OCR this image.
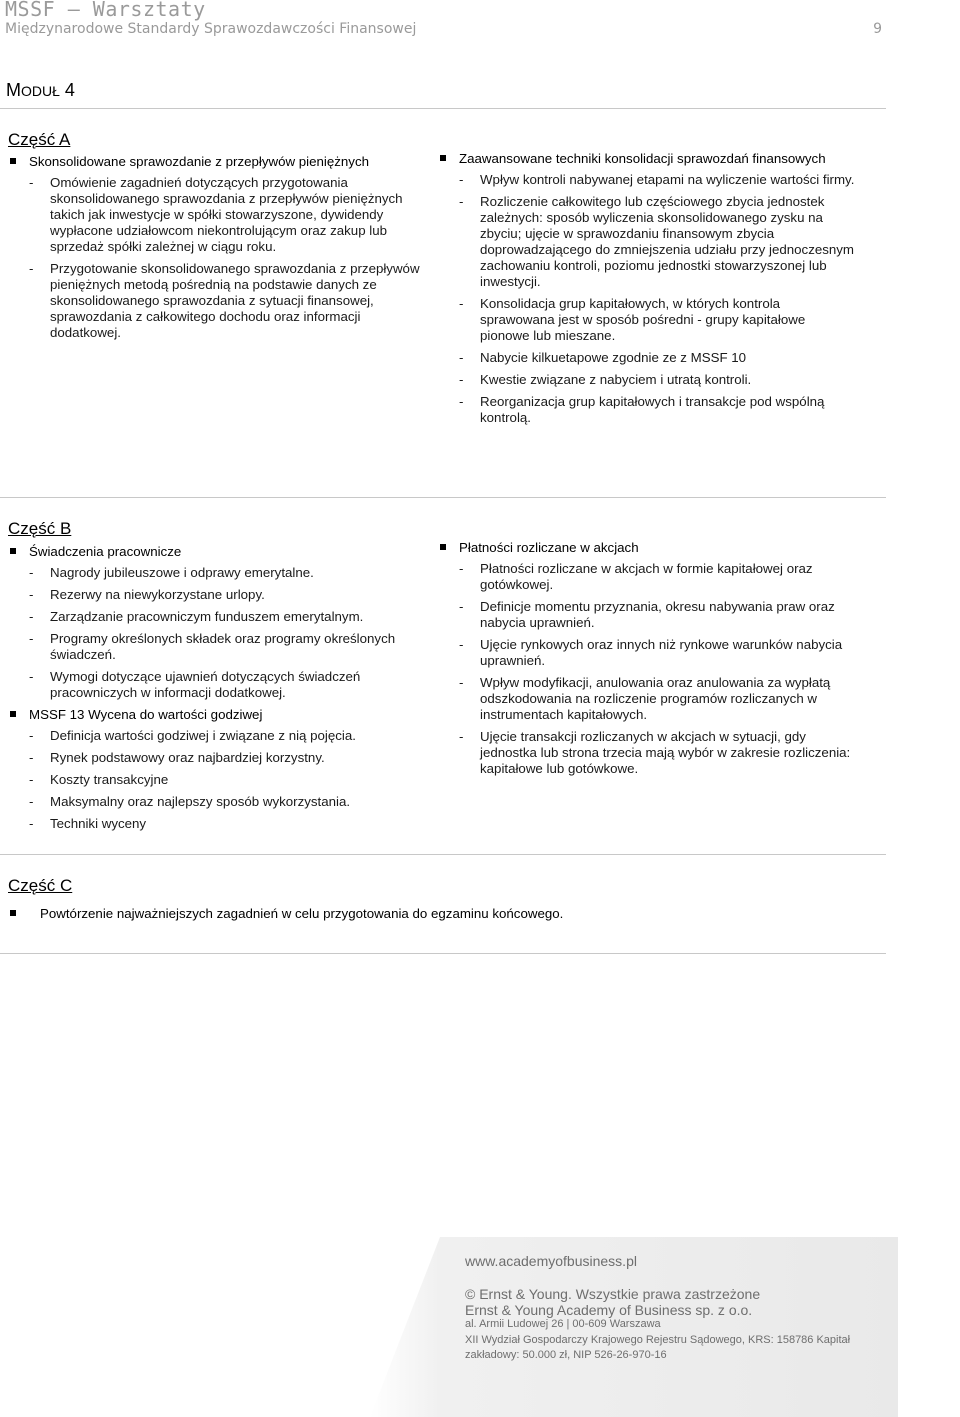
MSSF – Warsztaty
Międzynarodowe Standardy Sprawozdawczości Finansowej	9
MODUŁ 4
Część A
Skonsolidowane sprawozdanie z przepływów pieniężnych
- Omówienie zagadnień dotyczących przygotowania skonsolidowanego sprawozdania z przepływów pieniężnych takich jak inwestycje w spółki stowarzyszone, dywidendy wypłacone udziałowcom niekontrolującym oraz zakup lub sprzedaż spółki zależnej w ciągu roku.
- Przygotowanie skonsolidowanego sprawozdania z przepływów pieniężnych metodą pośrednią na podstawie danych ze skonsolidowanego sprawozdania z sytuacji finansowej, sprawozdania z całkowitego dochodu oraz informacji dodatkowej.
Zaawansowane techniki konsolidacji sprawozdań finansowych
- Wpływ kontroli nabywanej etapami na wyliczenie wartości firmy.
- Rozliczenie całkowitego lub częściowego zbycia jednostek zależnych: sposób wyliczenia skonsolidowanego zysku na zbyciu; ujęcie w sprawozdaniu finansowym zbycia doprowadzającego do zmniejszenia udziału przy jednoczesnym zachowaniu kontroli, poziomu jednostki stowarzyszonej lub inwestycji.
- Konsolidacja grup kapitałowych, w których kontrola sprawowana jest w sposób pośredni - grupy kapitałowe pionowe lub mieszane.
- Nabycie kilkuetapowe zgodnie ze z MSSF 10
- Kwestie związane z nabyciem i utratą kontroli.
- Reorganizacja grup kapitałowych i transakcje pod wspólną kontrolą.
Część B
Świadczenia pracownicze
- Nagrody jubileuszowe i odprawy emerytalne.
- Rezerwy na niewykorzystane urlopy.
- Zarządzanie pracowniczym funduszem emerytalnym.
- Programy określonych składek oraz programy określonych świadczeń.
- Wymogi dotyczące ujawnień dotyczących świadczeń pracowniczych w informacji dodatkowej.
MSSF 13 Wycena do wartości godziwej
- Definicja wartości godziwej i związane z nią pojęcia.
- Rynek podstawowy oraz najbardziej korzystny.
- Koszty transakcyjne
- Maksymalny oraz najlepszy sposób wykorzystania.
- Techniki wyceny
Płatności rozliczane w akcjach
- Płatności rozliczane w akcjach w formie kapitałowej oraz gotówkowej.
- Definicje momentu przyznania, okresu nabywania praw oraz nabycia uprawnień.
- Ujęcie rynkowych oraz innych niż rynkowe warunków nabycia uprawnień.
- Wpływ modyfikacji, anulowania oraz anulowania za wypłatą odszkodowania na rozliczenie programów rozliczanych w instrumentach kapitałowych.
- Ujęcie transakcji rozliczanych w akcjach w sytuacji, gdy jednostka lub strona trzecia mają wybór w zakresie rozliczenia: kapitałowe lub gotówkowe.
Część C
Powtórzenie najważniejszych zagadnień w celu przygotowania do egzaminu końcowego.
www.academyofbusiness.pl
© Ernst & Young. Wszystkie prawa zastrzeżone
Ernst & Young Academy of Business sp. z o.o.
al. Armii Ludowej 26 | 00-609 Warszawa
XII Wydział Gospodarczy Krajowego Rejestru Sądowego, KRS: 158786 Kapitał zakładowy: 50.000 zł, NIP 526-26-970-16
